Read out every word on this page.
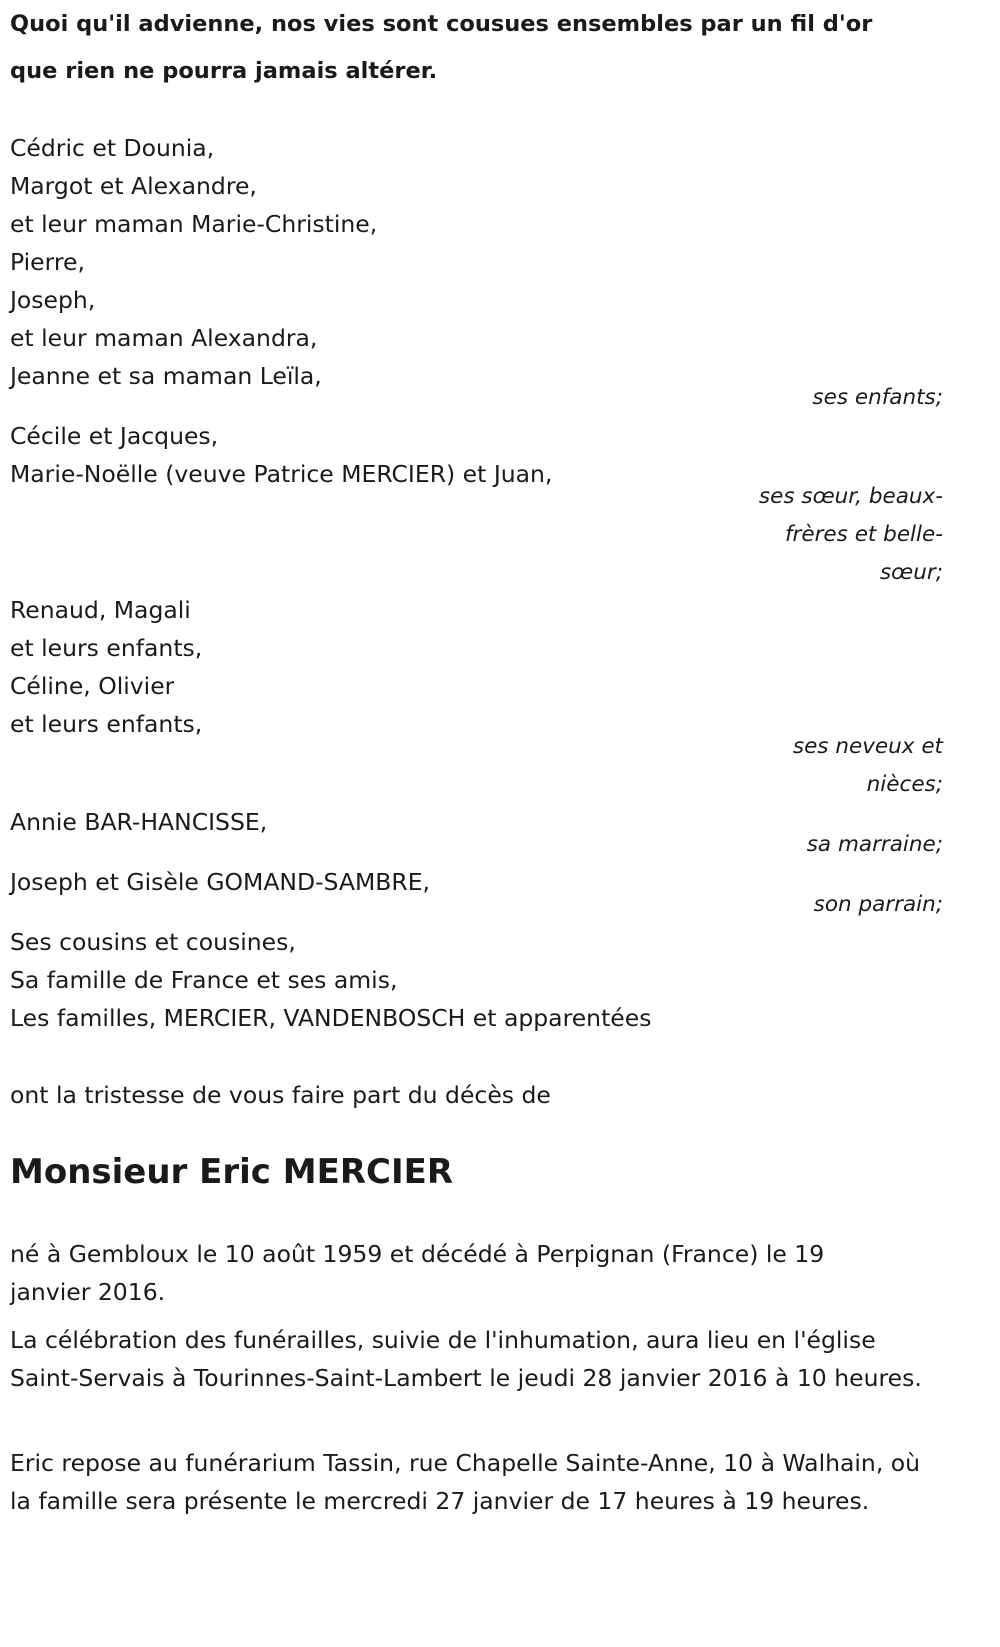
Quoi qu'il advienne, nos vies sont cousues ensembles par un fil d'or
que rien ne pourra jamais altérer.
Cédric et Dounia,
Margot et Alexandre,
et leur maman Marie-Christine,
Pierre,
Joseph,
et leur maman Alexandra,
Jeanne et sa maman Leïla,
ses enfants;
Cécile et Jacques,
Marie-Noëlle (veuve Patrice MERCIER) et Juan,
ses sœur, beaux-frères et belle-sœur;
Renaud, Magali
et leurs enfants,
Céline, Olivier
et leurs enfants,
ses neveux et nièces;
Annie BAR-HANCISSE,
sa marraine;
Joseph et Gisèle GOMAND-SAMBRE,
son parrain;
Ses cousins et cousines,
Sa famille de France et ses amis,
Les familles, MERCIER, VANDENBOSCH et apparentées
ont la tristesse de vous faire part du décès de
Monsieur Eric MERCIER
né à Gembloux le 10 août 1959 et décédé à Perpignan (France) le 19 janvier 2016.
La célébration des funérailles, suivie de l'inhumation, aura lieu en l'église Saint-Servais à Tourinnes-Saint-Lambert le jeudi 28 janvier 2016 à 10 heures.
Eric repose au funérarium Tassin, rue Chapelle Sainte-Anne, 10 à Walhain, où la famille sera présente le mercredi 27 janvier de 17 heures à 19 heures.
